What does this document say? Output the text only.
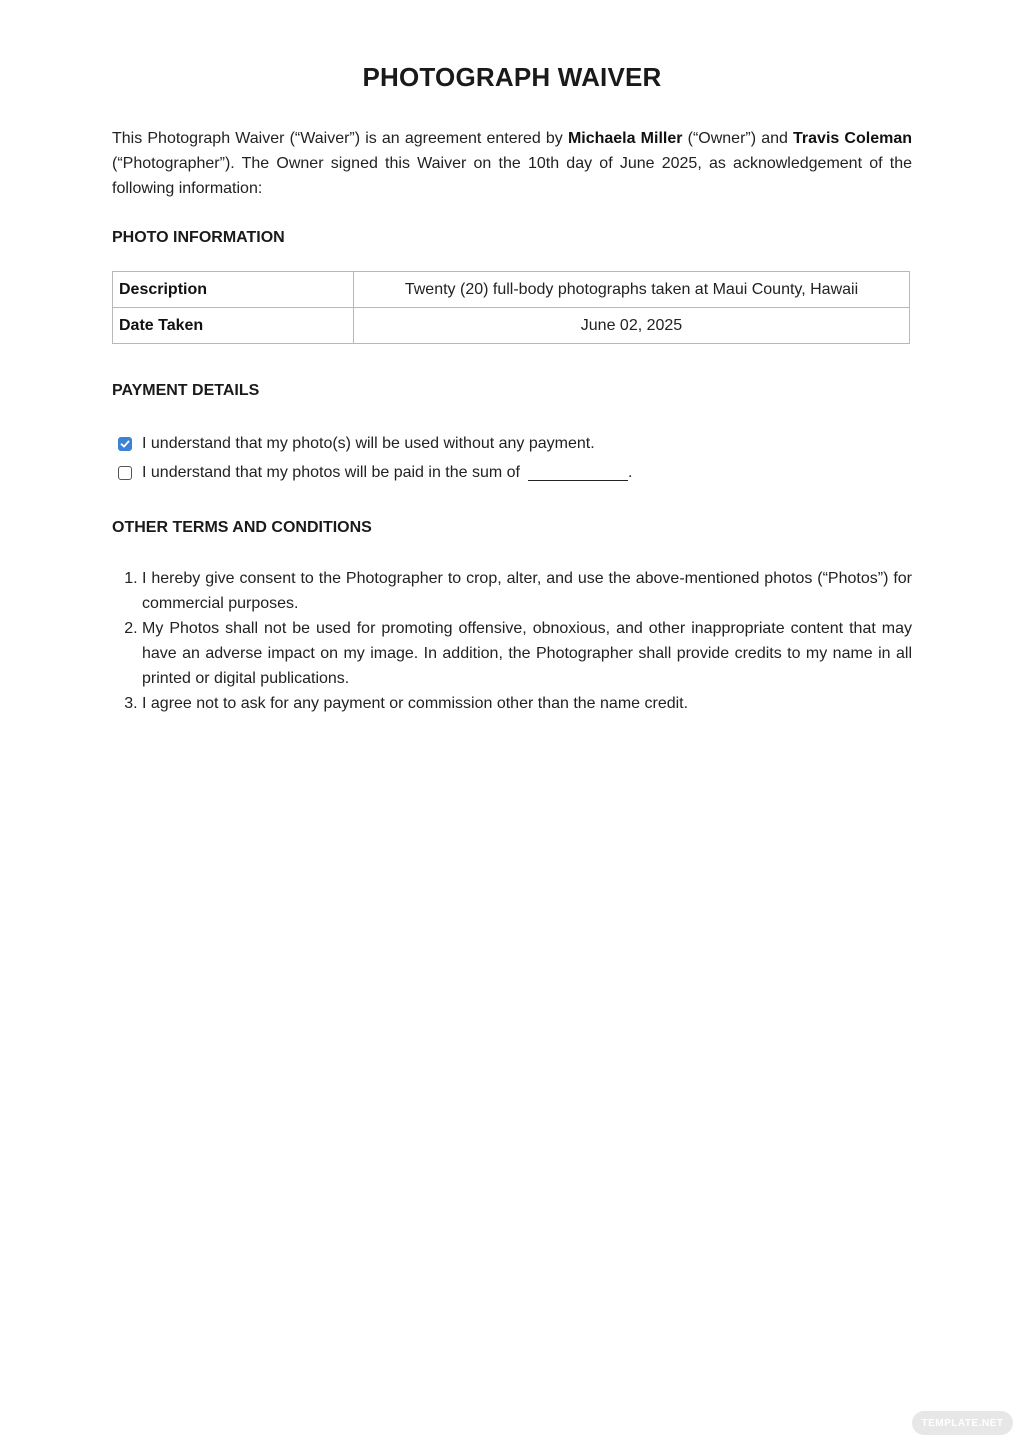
PHOTOGRAPH WAIVER

This Photograph Waiver (“Waiver”) is an agreement entered by Michaela Miller (“Owner”) and Travis Coleman (“Photographer”). The Owner signed this Waiver on the 10th day of June 2025, as acknowledgement of the following information:

PHOTO INFORMATION
Description	Twenty (20) full-body photographs taken at Maui County, Hawaii
Date Taken	June 02, 2025
PAYMENT DETAILS
I understand that my photo(s) will be used without any payment.
I understand that my photos will be paid in the sum of	.
OTHER TERMS AND CONDITIONS
1. I hereby give consent to the Photographer to crop, alter, and use the above-mentioned photos (“Photos”) for commercial purposes.
2. My Photos shall not be used for promoting offensive, obnoxious, and other inappropriate content that may have an adverse impact on my image. In addition, the Photographer shall provide credits to my name in all printed or digital publications.
3. I agree not to ask for any payment or commission other than the name credit.
TEMPLATE.NET
